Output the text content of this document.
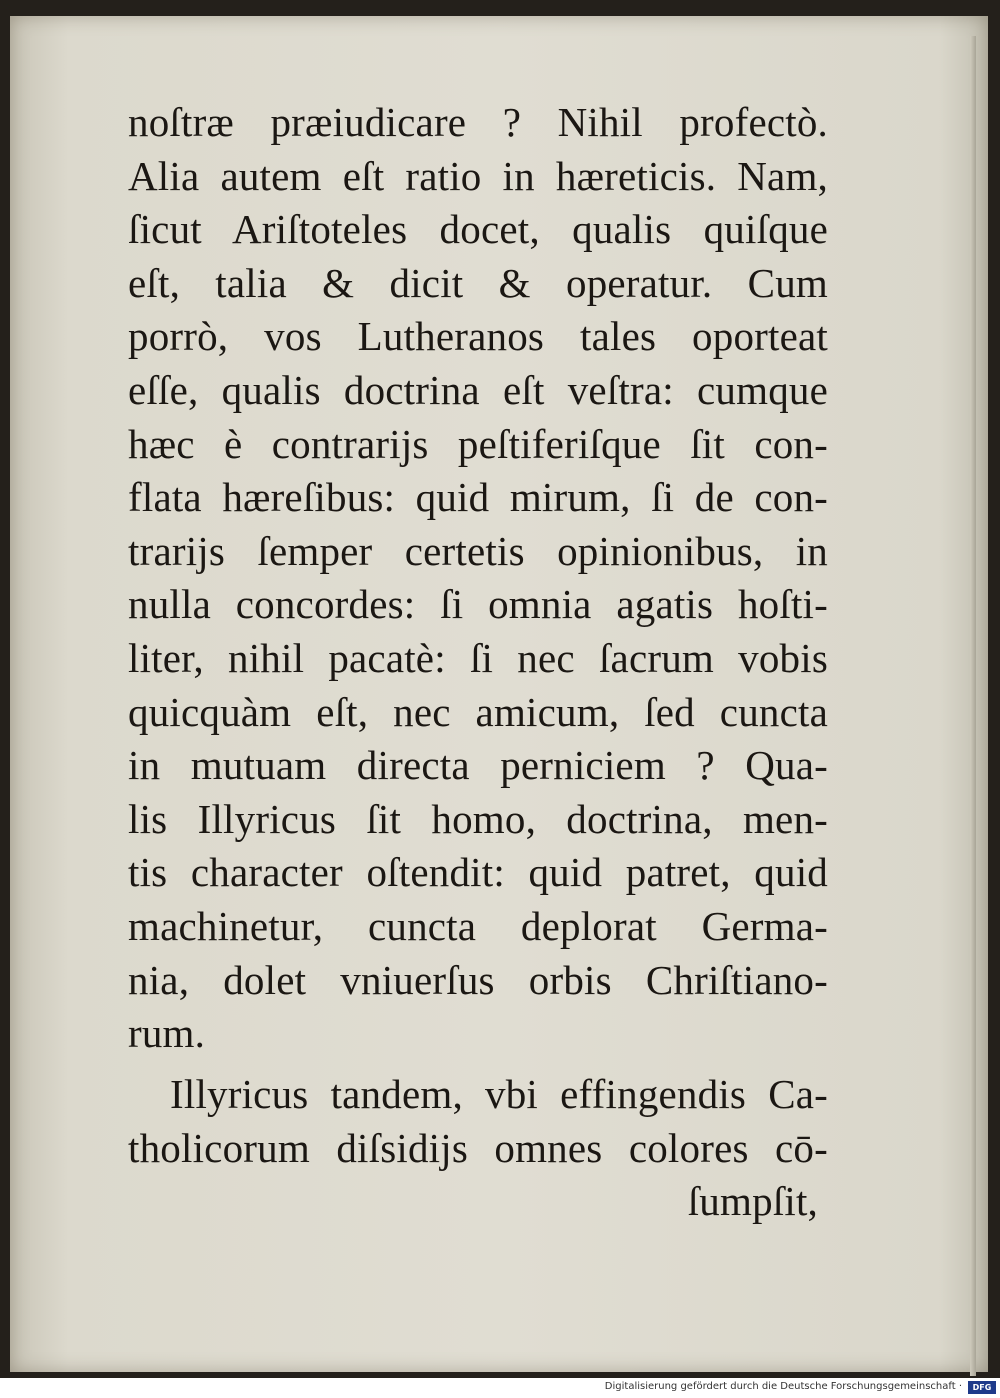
noſtræ præiudicare ? Nihil profectò.
Alia autem eſt ratio in hæreticis. Nam,
ſicut Ariſtoteles docet, qualis quiſque
eſt, talia & dicit & operatur. Cum
porrò, vos Lutheranos tales oporteat
eſſe, qualis doctrina eſt veſtra: cumque
hæc è contrarijs peſtiferiſque ſit con-
flata hæreſibus: quid mirum, ſi de con-
trarijs ſemper certetis opinionibus, in
nulla concordes: ſi omnia agatis hoſti-
liter, nihil pacatè: ſi nec ſacrum vobis
quicquàm eſt, nec amicum, ſed cuncta
in mutuam directa perniciem ? Qua-
lis Illyricus ſit homo, doctrina, men-
tis character oſtendit: quid patret, quid
machinetur, cuncta deplorat Germa-
nia, dolet vniuerſus orbis Chriſtiano-
rum.
Illyricus tandem, vbi effingendis Ca-
tholicorum diſsidijs omnes colores cō-
ſumpſit,
Digitalisierung gefördert durch die Deutsche Forschungsgemeinschaft ·	DFG
